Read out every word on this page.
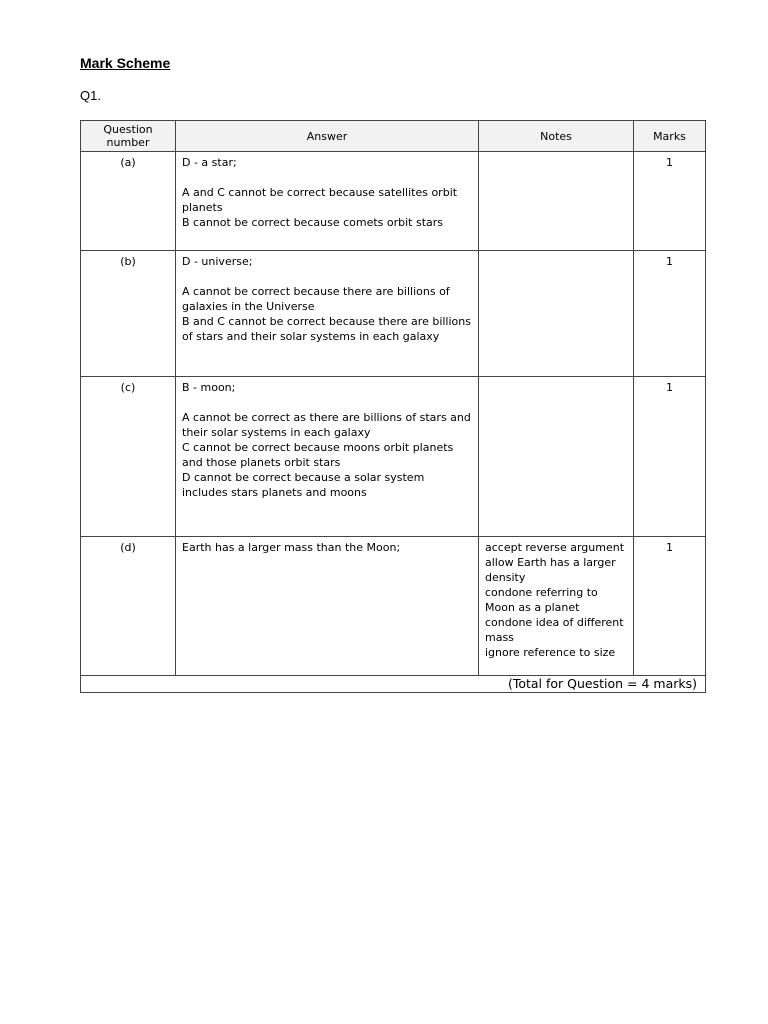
Mark Scheme
Q1.
Question number	Answer	Notes	Marks
(a)	D - a star;
A and C cannot be correct because satellites orbit planets
B cannot be correct because comets orbit stars		1
(b)	D - universe;
A cannot be correct because there are billions of galaxies in the Universe
B and C cannot be correct because there are billions of stars and their solar systems in each galaxy		1
(c)	B - moon;
A cannot be correct as there are billions of stars and their solar systems in each galaxy
C cannot be correct because moons orbit planets and those planets orbit stars
D cannot be correct because a solar system includes stars planets and moons		1
(d)	Earth has a larger mass than the Moon;	accept reverse argument
allow Earth has a larger density
condone referring to Moon as a planet
condone idea of different mass
ignore reference to size	1
(Total for Question = 4 marks)			
